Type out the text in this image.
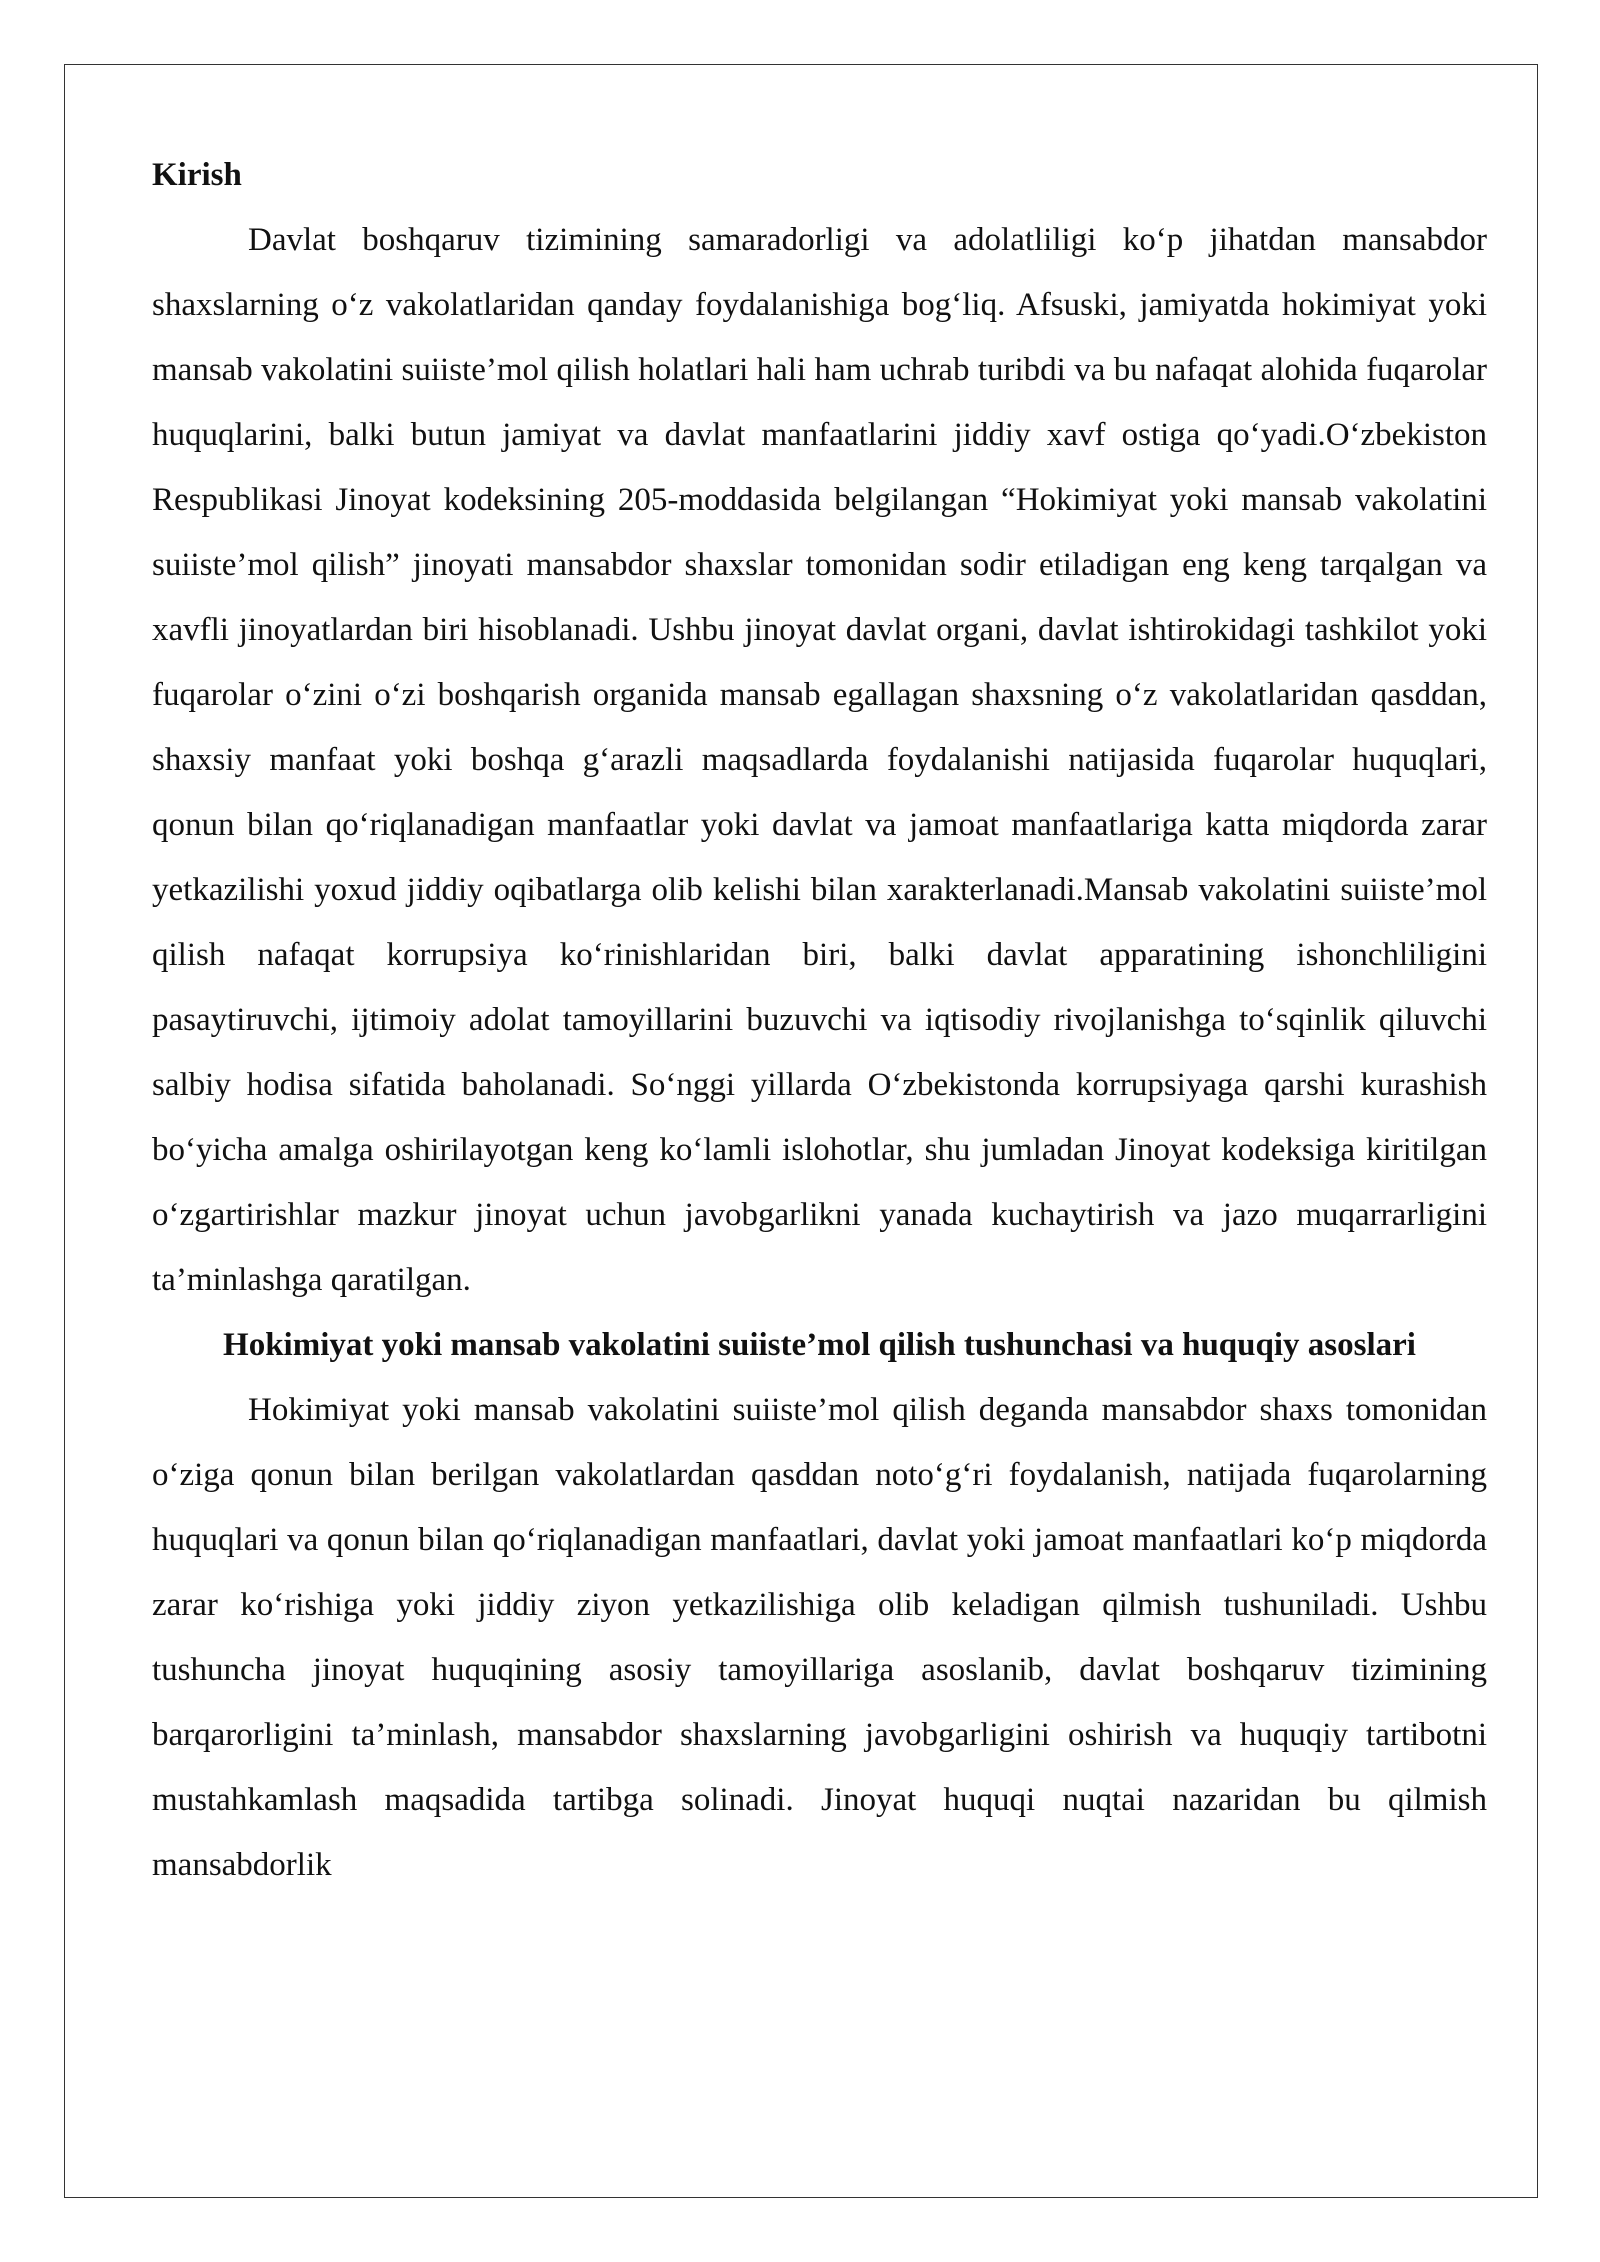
Kirish

Davlat boshqaruv tizimining samaradorligi va adolatliligi ko‘p jihatdan mansabdor shaxslarning o‘z vakolatlaridan qanday foydalanishiga bog‘liq. Afsuski, jamiyatda hokimiyat yoki mansab vakolatini suiiste’mol qilish holatlari hali ham uchrab turibdi va bu nafaqat alohida fuqarolar huquqlarini, balki butun jamiyat va davlat manfaatlarini jiddiy xavf ostiga qo‘yadi.O‘zbekiston Respublikasi Jinoyat kodeksining 205-moddasida belgilangan “Hokimiyat yoki mansab vakolatini suiiste’mol qilish” jinoyati mansabdor shaxslar tomonidan sodir etiladigan eng keng tarqalgan va xavfli jinoyatlardan biri hisoblanadi. Ushbu jinoyat davlat organi, davlat ishtirokidagi tashkilot yoki fuqarolar o‘zini o‘zi boshqarish organida mansab egallagan shaxsning o‘z vakolatlaridan qasddan, shaxsiy manfaat yoki boshqa g‘arazli maqsadlarda foydalanishi natijasida fuqarolar huquqlari, qonun bilan qo‘riqlanadigan manfaatlar yoki davlat va jamoat manfaatlariga katta miqdorda zarar yetkazilishi yoxud jiddiy oqibatlarga olib kelishi bilan xarakterlanadi.Mansab vakolatini suiiste’mol qilish nafaqat korrupsiya ko‘rinishlaridan biri, balki davlat apparatining ishonchliligini pasaytiruvchi, ijtimoiy adolat tamoyillarini buzuvchi va iqtisodiy rivojlanishga to‘sqinlik qiluvchi salbiy hodisa sifatida baholanadi. So‘nggi yillarda O‘zbekistonda korrupsiyaga qarshi kurashish bo‘yicha amalga oshirilayotgan keng ko‘lamli islohotlar, shu jumladan Jinoyat kodeksiga kiritilgan o‘zgartirishlar mazkur jinoyat uchun javobgarlikni yanada kuchaytirish va jazo muqarrarligini ta’minlashga qaratilgan.

Hokimiyat yoki mansab vakolatini suiiste’mol qilish tushunchasi va huquqiy asoslari

Hokimiyat yoki mansab vakolatini suiiste’mol qilish deganda mansabdor shaxs tomonidan o‘ziga qonun bilan berilgan vakolatlardan qasddan noto‘g‘ri foydalanish, natijada fuqarolarning huquqlari va qonun bilan qo‘riqlanadigan manfaatlari, davlat yoki jamoat manfaatlari ko‘p miqdorda zarar ko‘rishiga yoki jiddiy ziyon yetkazilishiga olib keladigan qilmish tushuniladi. Ushbu tushuncha jinoyat huquqining asosiy tamoyillariga asoslanib, davlat boshqaruv tizimining barqarorligini ta’minlash, mansabdor shaxslarning javobgarligini oshirish va huquqiy tartibotni mustahkamlash maqsadida tartibga solinadi. Jinoyat huquqi nuqtai nazaridan bu qilmish mansabdorlik
